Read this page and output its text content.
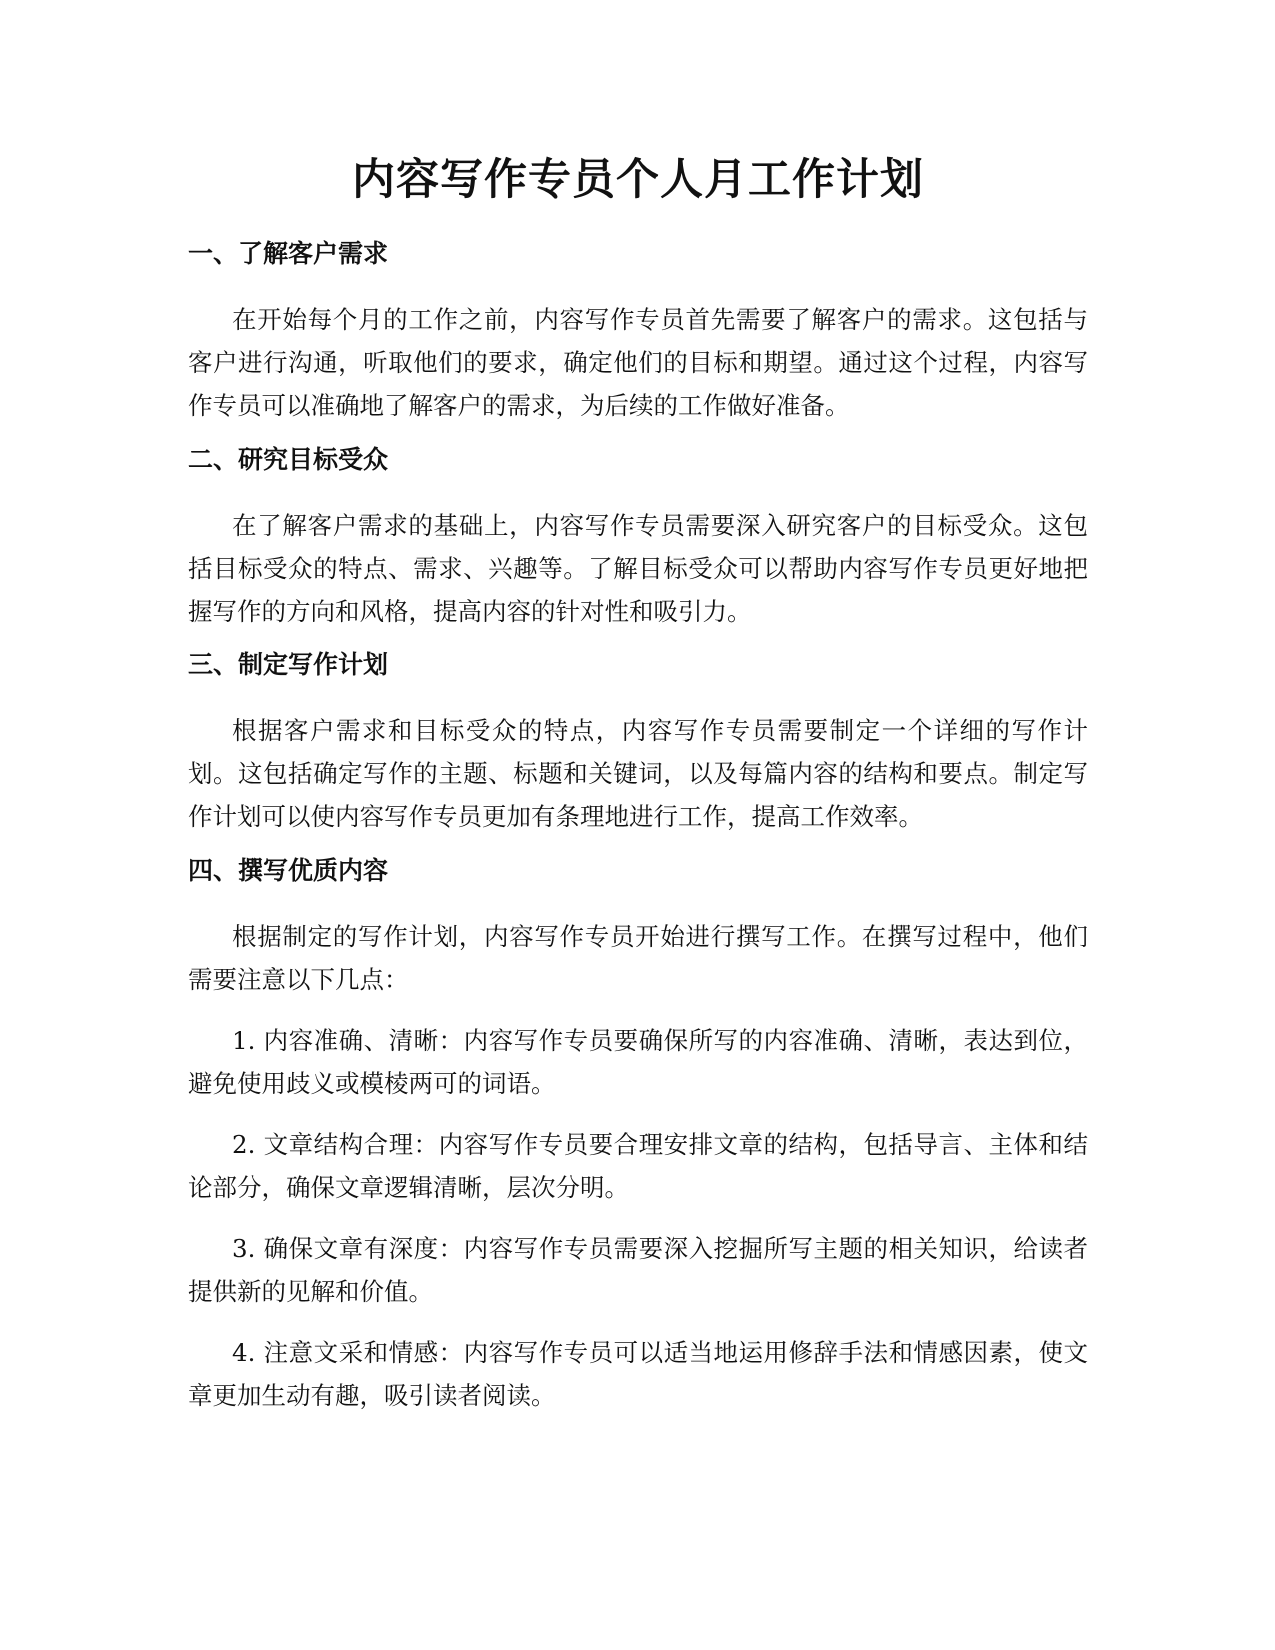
内容写作专员个人月工作计划
一、了解客户需求

在开始每个月的工作之前，内容写作专员首先需要了解客户的需求。这包括与客户进行沟通，听取他们的要求，确定他们的目标和期望。通过这个过程，内容写作专员可以准确地了解客户的需求，为后续的工作做好准备。

二、研究目标受众

在了解客户需求的基础上，内容写作专员需要深入研究客户的目标受众。这包括目标受众的特点、需求、兴趣等。了解目标受众可以帮助内容写作专员更好地把握写作的方向和风格，提高内容的针对性和吸引力。

三、制定写作计划

根据客户需求和目标受众的特点，内容写作专员需要制定一个详细的写作计划。这包括确定写作的主题、标题和关键词，以及每篇内容的结构和要点。制定写作计划可以使内容写作专员更加有条理地进行工作，提高工作效率。

四、撰写优质内容

根据制定的写作计划，内容写作专员开始进行撰写工作。在撰写过程中，他们需要注意以下几点：

1. 内容准确、清晰：内容写作专员要确保所写的内容准确、清晰，表达到位，避免使用歧义或模棱两可的词语。

2. 文章结构合理：内容写作专员要合理安排文章的结构，包括导言、主体和结论部分，确保文章逻辑清晰，层次分明。

3. 确保文章有深度：内容写作专员需要深入挖掘所写主题的相关知识，给读者提供新的见解和价值。

4. 注意文采和情感：内容写作专员可以适当地运用修辞手法和情感因素，使文章更加生动有趣，吸引读者阅读。
